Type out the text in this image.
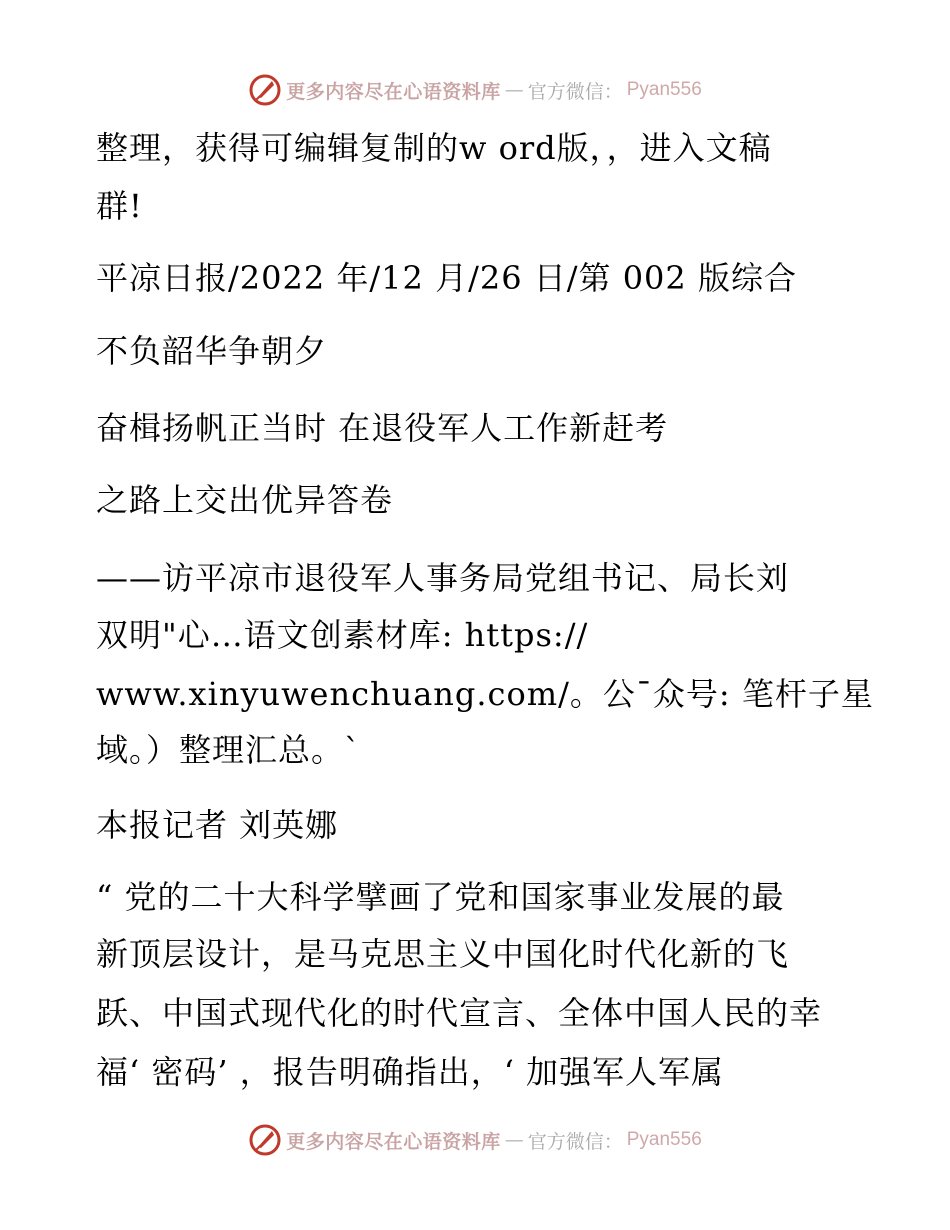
更多内容尽在心语资料库 — 官方微信： Pyan556
整理，获得可编辑复制的w ord版，，进入文稿
群!
平凉日报/2022 年/12 月/26 日/第 002 版综合
不负韶华争朝夕
奋楫扬帆正当时 在退役军人工作新赶考
之路上交出优异答卷
——访平凉市退役军人事务局党组书记、局长刘
双明"心…语文创素材库: https://
www.xinyuwenchuang.com/。公¯众号: 笔杆子星
域。）整理汇总。`
本报记者 刘英娜
“ 党的二十大科学擘画了党和国家事业发展的最
新顶层设计，是马克思主义中国化时代化新的飞
跃、中国式现代化的时代宣言、全体中国人民的幸
福‘ 密码’ ，报告明确指出，‘ 加强军人军属
更多内容尽在心语资料库 — 官方微信： Pyan556
